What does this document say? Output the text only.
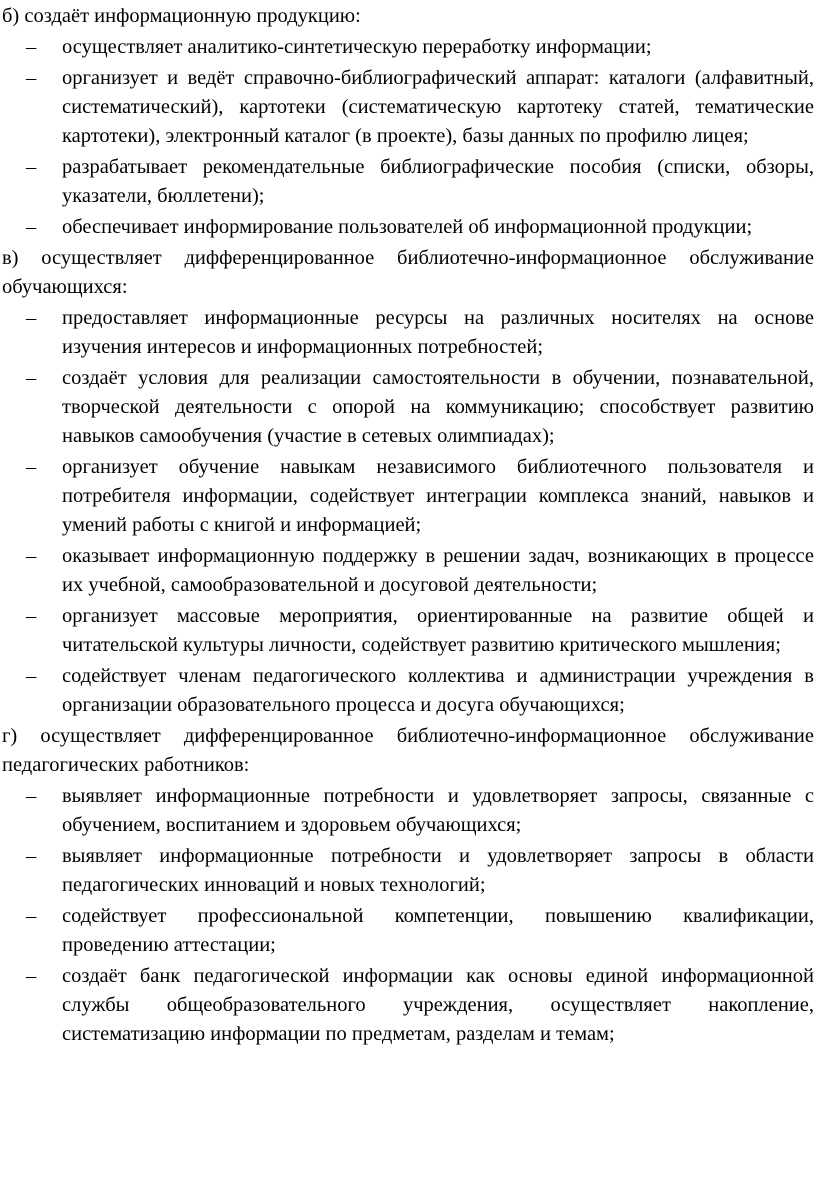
б) создаёт информационную продукцию:

– осуществляет аналитико-синтетическую переработку информации;
– организует и ведёт справочно-библиографический аппарат: каталоги (алфавитный, систематический), картотеки (систематическую картотеку статей, тематические картотеки), электронный каталог (в проекте), базы данных по профилю лицея;
– разрабатывает рекомендательные библиографические пособия (списки, обзоры, указатели, бюллетени);
– обеспечивает информирование пользователей об информационной продукции;

в) осуществляет дифференцированное библиотечно-информационное обслуживание обучающихся:

– предоставляет информационные ресурсы на различных носителях на основе изучения интересов и информационных потребностей;
– создаёт условия для реализации самостоятельности в обучении, познавательной, творческой деятельности с опорой на коммуникацию; способствует развитию навыков самообучения (участие в сетевых олимпиадах);
– организует обучение навыкам независимого библиотечного пользователя и потребителя информации, содействует интеграции комплекса знаний, навыков и умений работы с книгой и информацией;
– оказывает информационную поддержку в решении задач, возникающих в процессе их учебной, самообразовательной и досуговой деятельности;
– организует массовые мероприятия, ориентированные на развитие общей и читательской культуры личности, содействует развитию критического мышления;
– содействует членам педагогического коллектива и администрации учреждения в организации образовательного процесса и досуга обучающихся;

г) осуществляет дифференцированное библиотечно-информационное обслуживание педагогических работников:

– выявляет информационные потребности и удовлетворяет запросы, связанные с обучением, воспитанием и здоровьем обучающихся;
– выявляет информационные потребности и удовлетворяет запросы в области педагогических инноваций и новых технологий;
– содействует профессиональной компетенции, повышению квалификации, проведению аттестации;
– создаёт банк педагогической информации как основы единой информационной службы общеобразовательного учреждения, осуществляет накопление, систематизацию информации по предметам, разделам и темам;
